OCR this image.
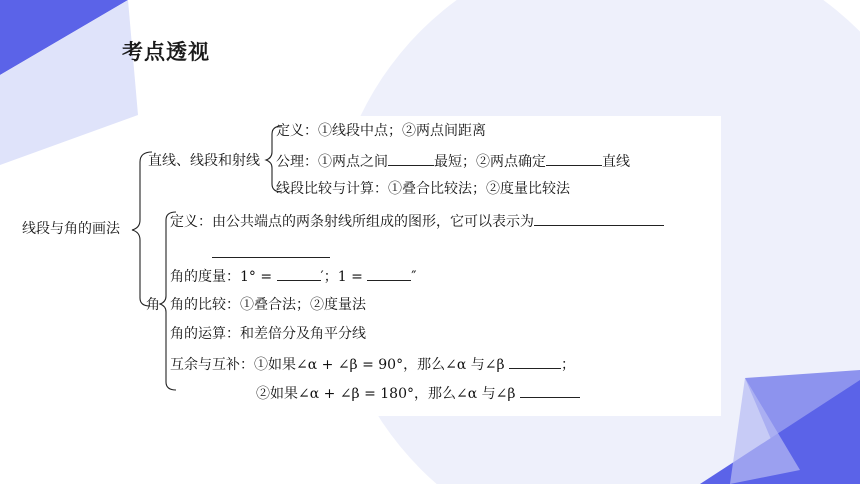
考点透视
线段与角的画法
直线、线段和射线
定义：①线段中点；②两点间距离
公理：①两点之间	最短；②两点确定	直线
线段比较与计算：①叠合比较法；②度量比较法
角
定义：由公共端点的两条射线所组成的图形，它可以表示为
角的度量：1° =	′；1 =	″
角的比较：①叠合法；②度量法
角的运算：和差倍分及角平分线
互余与互补：①如果∠α + ∠β = 90°，那么∠α 与∠β	；
②如果∠α + ∠β = 180°，那么∠α 与∠β
